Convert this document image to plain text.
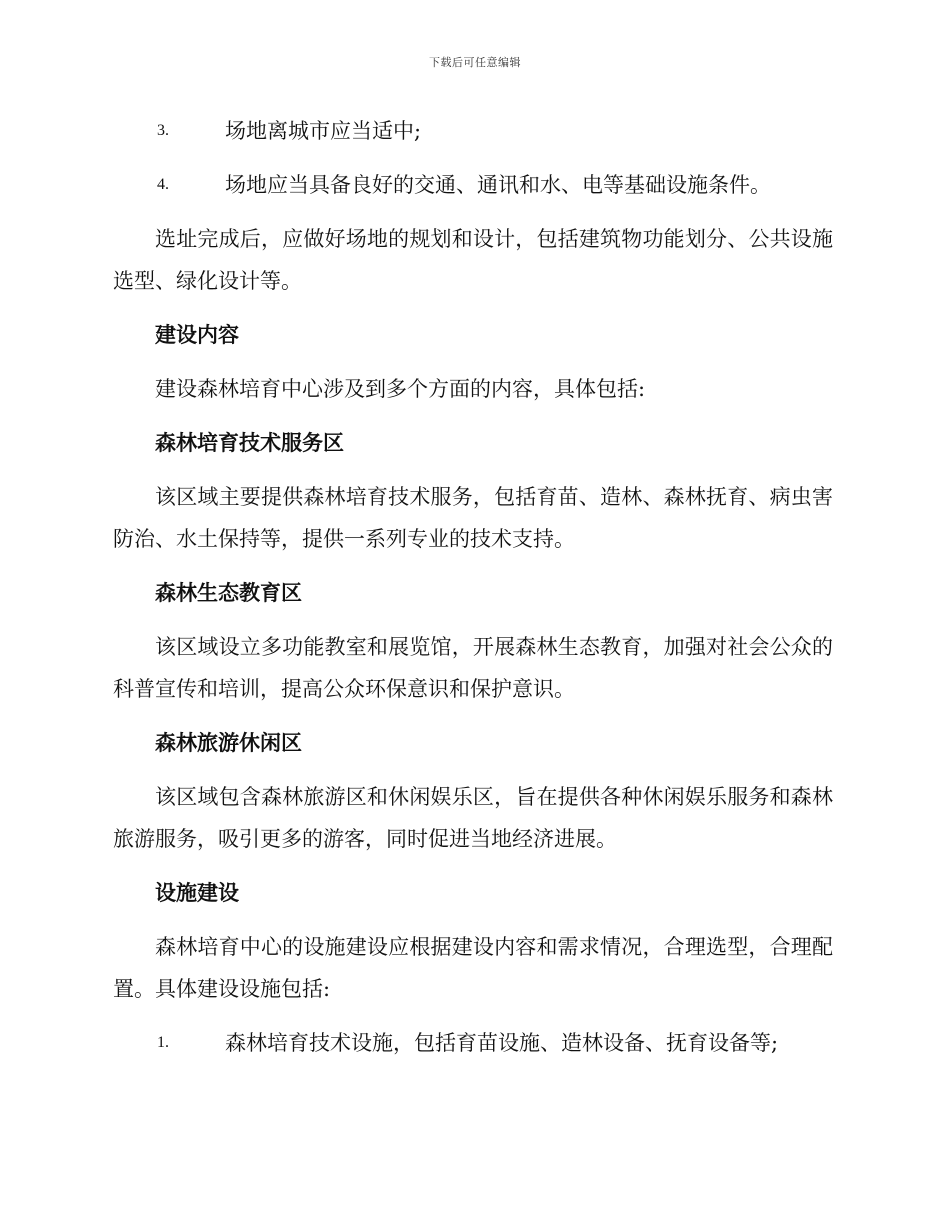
下载后可任意编辑
3.	场地离城市应当适中;
4.	场地应当具备良好的交通、通讯和水、电等基础设施条件。

选址完成后，应做好场地的规划和设计，包括建筑物功能划分、公共设施选型、绿化设计等。

建设内容

建设森林培育中心涉及到多个方面的内容，具体包括:

森林培育技术服务区

该区域主要提供森林培育技术服务，包括育苗、造林、森林抚育、病虫害防治、水土保持等，提供一系列专业的技术支持。

森林生态教育区

该区域设立多功能教室和展览馆，开展森林生态教育，加强对社会公众的科普宣传和培训，提高公众环保意识和保护意识。

森林旅游休闲区

该区域包含森林旅游区和休闲娱乐区，旨在提供各种休闲娱乐服务和森林旅游服务，吸引更多的游客，同时促进当地经济进展。

设施建设

森林培育中心的设施建设应根据建设内容和需求情况，合理选型，合理配置。具体建设设施包括:

1.	森林培育技术设施，包括育苗设施、造林设备、抚育设备等;
